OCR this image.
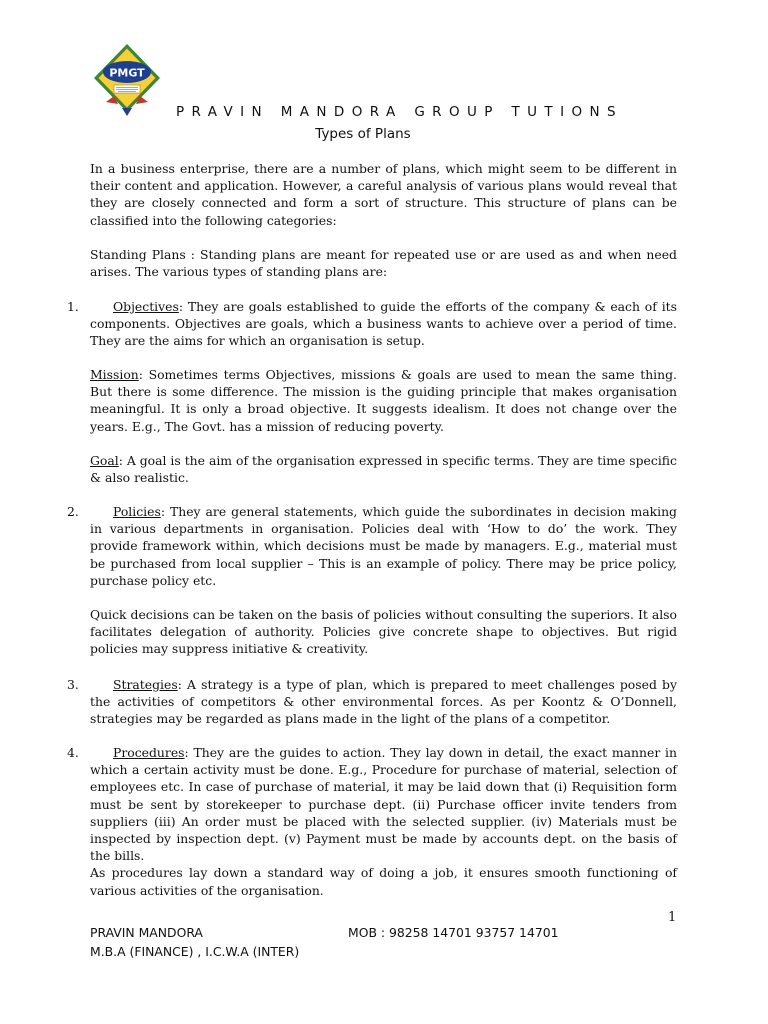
PMGT
PRAVIN MANDORA GROUP TUTIONS
Types of Plans

In a business enterprise, there are a number of plans, which might seem to be different in their content and application. However, a careful analysis of various plans would reveal that they are closely connected and form a sort of structure. This structure of plans can be classified into the following categories:

Standing Plans : Standing plans are meant for repeated use or are used as and when need arises. The various types of standing plans are:

1.	Objectives: They are goals established to guide the efforts of the company & each of its components. Objectives are goals, which a business wants to achieve over a period of time. They are the aims for which an organisation is setup.

Mission: Sometimes terms Objectives, missions & goals are used to mean the same thing. But there is some difference. The mission is the guiding principle that makes organisation meaningful. It is only a broad objective. It suggests idealism. It does not change over the years. E.g., The Govt. has a mission of reducing poverty.

Goal: A goal is the aim of the organisation expressed in specific terms. They are time specific & also realistic.

2.	Policies: They are general statements, which guide the subordinates in decision making in various departments in organisation. Policies deal with ‘How to do’ the work. They provide framework within, which decisions must be made by managers. E.g., material must be purchased from local supplier – This is an example of policy. There may be price policy, purchase policy etc.

Quick decisions can be taken on the basis of policies without consulting the superiors. It also facilitates delegation of authority. Policies give concrete shape to objectives. But rigid policies may suppress initiative & creativity.

3.	Strategies: A strategy is a type of plan, which is prepared to meet challenges posed by the activities of competitors & other environmental forces. As per Koontz & O’Donnell, strategies may be regarded as plans made in the light of the plans of a competitor.

4.	Procedures: They are the guides to action. They lay down in detail, the exact manner in which a certain activity must be done. E.g., Procedure for purchase of material, selection of employees etc. In case of purchase of material, it may be laid down that (i) Requisition form must be sent by storekeeper to purchase dept. (ii) Purchase officer invite tenders from suppliers (iii) An order must be placed with the selected supplier. (iv) Materials must be inspected by inspection dept. (v) Payment must be made by accounts dept. on the basis of the bills.
As procedures lay down a standard way of doing a job, it ensures smooth functioning of various activities of the organisation.

1
PRAVIN MANDORA
M.B.A (FINANCE) , I.C.W.A (INTER)
MOB : 98258 14701 93757 14701
